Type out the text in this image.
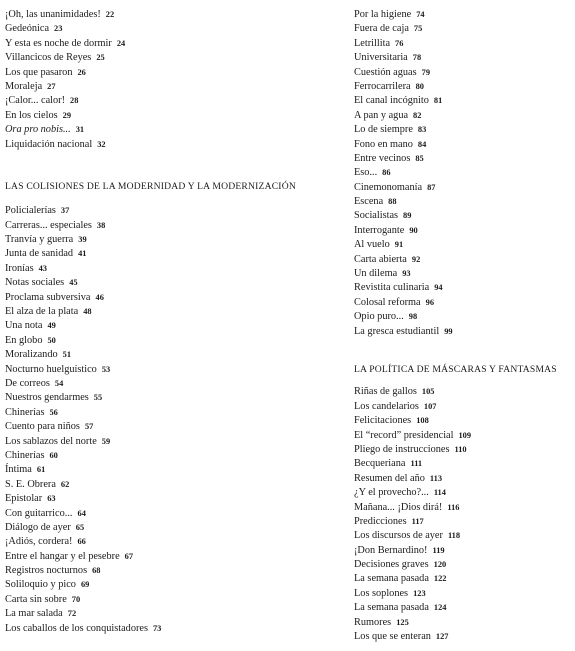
¡Oh, las unanimidades! 22
Gedeónica 23
Y esta es noche de dormir 24
Villancicos de Reyes 25
Los que pasaron 26
Moraleja 27
¡Calor... calor! 28
En los cielos 29
Ora pro nobis... 31
Liquidación nacional 32
LAS COLISIONES DE LA MODERNIDAD Y LA MODERNIZACIÓN
Policialerías 37
Carreras... especiales 38
Tranvía y guerra 39
Junta de sanidad 41
Ironías 43
Notas sociales 45
Proclama subversiva 46
El alza de la plata 48
Una nota 49
En globo 50
Moralizando 51
Nocturno huelguístico 53
De correos 54
Nuestros gendarmes 55
Chinerías 56
Cuento para niños 57
Los sablazos del norte 59
Chinerías 60
Íntima 61
S. E. Obrera 62
Epistolar 63
Con guitarrico... 64
Diálogo de ayer 65
¡Adiós, cordera! 66
Entre el hangar y el pesebre 67
Registros nocturnos 68
Soliloquio y pico 69
Carta sin sobre 70
La mar salada 72
Los caballos de los conquistadores 73
Por la higiene 74
Fuera de caja 75
Letrillita 76
Universitaria 78
Cuestión aguas 79
Ferrocarrilera 80
El canal incógnito 81
A pan y agua 82
Lo de siempre 83
Fono en mano 84
Entre vecinos 85
Eso... 86
Cinemonomanía 87
Escena 88
Socialistas 89
Interrogante 90
Al vuelo 91
Carta abierta 92
Un dilema 93
Revistita culinaria 94
Colosal reforma 96
Opio puro... 98
La gresca estudiantil 99
LA POLÍTICA DE MÁSCARAS Y FANTASMAS
Riñas de gallos 105
Los candelarios 107
Felicitaciones 108
El “record” presidencial 109
Pliego de instrucciones 110
Becqueriana 111
Resumen del año 113
¿Y el provecho?... 114
Mañana... ¡Dios dirá! 116
Predicciones 117
Los discursos de ayer 118
¡Don Bernardino! 119
Decisiones graves 120
La semana pasada 122
Los soplones 123
La semana pasada 124
Rumores 125
Los que se enteran 127
